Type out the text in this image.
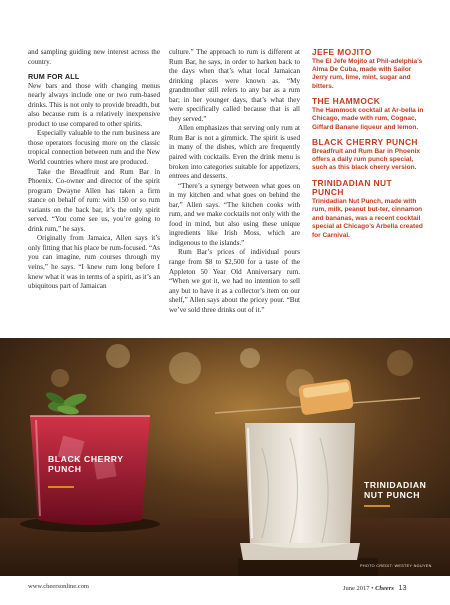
and sampling guiding new interest across the country.

RUM FOR ALL

New bars and those with changing menus nearly always include one or two rum-based drinks. This is not only to provide breadth, but also because rum is a relatively inexpensive product to use compared to other spirits.

Especially valuable to the rum business are those operators focusing more on the classic tropical connection between rum and the New World countries where most are produced.

Take the Breadfruit and Rum Bar in Phoenix. Co-owner and director of the spirit program Dwayne Allen has taken a firm stance on behalf of rum: with 150 or so rum variants on the back bar, it’s the only spirit served. “You come see us, you’re going to drink rum,” he says.

Originally from Jamaica, Allen says it’s only fitting that his place be rum-focused. “As you can imagine, rum courses through my veins,” he says. “I knew rum long before I knew what it was in terms of a spirit, as it’s an ubiquitous part of Jamaican

culture.” The approach to rum is different at Rum Bar, he says, in order to harken back to the days when that’s what local Jamaican drinking places were known as. “My grandmother still refers to any bar as a rum bar; in her younger days, that’s what they were specifically called because that is all they served.”

Allen emphasizes that serving only rum at Rum Bar is not a gimmick. The spirit is used in many of the dishes, which are frequently paired with cocktails. Even the drink menu is broken into categories suitable for appetizers, entrees and desserts.

“There’s a synergy between what goes on in my kitchen and what goes on behind the bar,” Allen says. “The kitchen cooks with rum, and we make cocktails not only with the food in mind, but also using these unique ingredients like Irish Moss, which are indigenous to the islands.”

Rum Bar’s prices of individual pours range from $8 to $2,500 for a taste of the Appleton 50 Year Old Anniversary rum. “When we got it, we had no intention to sell any but to have it as a collector’s item on our shelf,” Allen says about the pricey pour. “But we’ve sold three drinks out of it.”

JEFE MOJITO
The El Jefe Mojito at Phil-adelphia’s Alma De Cuba, made with Sailor Jerry rum, lime, mint, sugar and bitters.
THE HAMMOCK
The Hammock cocktail at Ar-bella in Chicago, made with rum, Cognac, Giffard Banane liqueur and lemon.
BLACK CHERRY PUNCH
Breadfruit and Rum Bar in Phoenix offers a daily rum punch special, such as this black cherry version.
TRINIDADIAN NUT PUNCH
Trinidadian Nut Punch, made with rum, milk, peanut but-ter, cinnamon and bananas, was a recent cocktail special at Chicago’s Arbella created for Carnival.
BLACK CHERRY PUNCH
TRINIDADIAN NUT PUNCH
PHOTO CREDIT: WESTEY NGUYEN
www.cheersonline.com	June 2017 • Cheers 13
